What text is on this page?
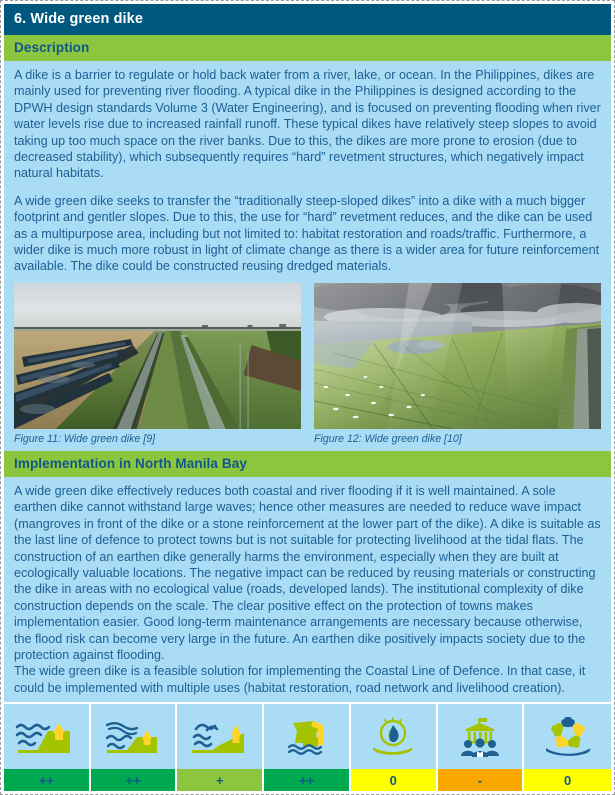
6. Wide green dike
Description

A dike is a barrier to regulate or hold back water from a river, lake, or ocean. In the Philippines, dikes are mainly used for preventing river flooding. A typical dike in the Philippines is designed according to the DPWH design standards Volume 3 (Water Engineering), and is focused on preventing flooding when river water levels rise due to increased rainfall runoff. These typical dikes have relatively steep slopes to avoid taking up too much space on the river banks. Due to this, the dikes are more prone to erosion (due to decreased stability), which subsequently requires “hard” revetment structures, which negatively impact natural habitats.

A wide green dike seeks to transfer the “traditionally steep-sloped dikes” into a dike with a much bigger footprint and gentler slopes. Due to this, the use for “hard” revetment reduces, and the dike can be used as a multipurpose area, including but not limited to: habitat restoration and roads/traffic. Furthermore, a wider dike is much more robust in light of climate change as there is a wider area for future reinforcement available. The dike could be constructed reusing dredged materials.

Figure 11: Wide green dike [9]	Figure 12: Wide green dike [10]
Implementation in North Manila Bay

A wide green dike effectively reduces both coastal and river flooding if it is well maintained. A sole earthen dike cannot withstand large waves; hence other measures are needed to reduce wave impact (mangroves in front of the dike or a stone reinforcement at the lower part of the dike). A dike is suitable as the last line of defence to protect towns but is not suitable for protecting livelihood at the tidal flats. The construction of an earthen dike generally harms the environment, especially when they are built at ecologically valuable locations. The negative impact can be reduced by reusing materials or constructing the dike in areas with no ecological value (roads, developed lands). The institutional complexity of dike construction depends on the scale. The clear positive effect on the protection of towns makes implementation easier. Good long-term maintenance arrangements are necessary because otherwise, the flood risk can become very large in the future. An earthen dike positively impacts society due to the protection against flooding.

The wide green dike is a feasible solution for implementing the Coastal Line of Defence. In that case, it could be implemented with multiple uses (habitat restoration, road network and livelihood creation).

++	++	+	++	0	-	0
